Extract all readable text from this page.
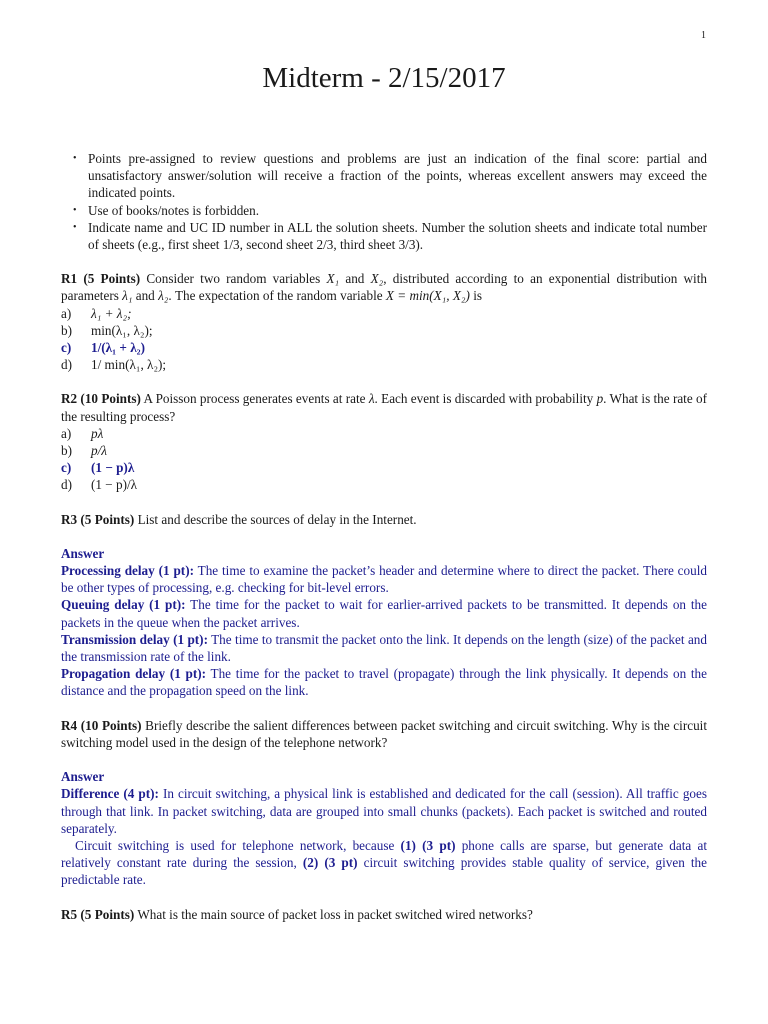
1
Midterm - 2/15/2017
• Points pre-assigned to review questions and problems are just an indication of the final score: partial and unsatisfactory answer/solution will receive a fraction of the points, whereas excellent answers may exceed the indicated points.
• Use of books/notes is forbidden.
• Indicate name and UC ID number in ALL the solution sheets. Number the solution sheets and indicate total number of sheets (e.g., first sheet 1/3, second sheet 2/3, third sheet 3/3).
R1 (5 Points) Consider two random variables X₁ and X₂, distributed according to an exponential distribution with parameters λ₁ and λ₂. The expectation of the random variable X = min(X₁, X₂) is
a)	λ₁ + λ₂;
b)	min(λ₁, λ₂);
c)	1/(λ₁ + λ₂)
d)	1/ min(λ₁, λ₂);
R2 (10 Points) A Poisson process generates events at rate λ. Each event is discarded with probability p. What is the rate of the resulting process?
a)	pλ
b)	p/λ
c)	(1 − p)λ
d)	(1 − p)/λ
R3 (5 Points) List and describe the sources of delay in the Internet.
Answer
Processing delay (1 pt): The time to examine the packet’s header and determine where to direct the packet. There could be other types of processing, e.g. checking for bit-level errors.
Queuing delay (1 pt): The time for the packet to wait for earlier-arrived packets to be transmitted. It depends on the packets in the queue when the packet arrives.
Transmission delay (1 pt): The time to transmit the packet onto the link. It depends on the length (size) of the packet and the transmission rate of the link.
Propagation delay (1 pt): The time for the packet to travel (propagate) through the link physically. It depends on the distance and the propagation speed on the link.
R4 (10 Points) Briefly describe the salient differences between packet switching and circuit switching. Why is the circuit switching model used in the design of the telephone network?
Answer
Difference (4 pt): In circuit switching, a physical link is established and dedicated for the call (session). All traffic goes through that link. In packet switching, data are grouped into small chunks (packets). Each packet is switched and routed separately.
Circuit switching is used for telephone network, because (1) (3 pt) phone calls are sparse, but generate data at relatively constant rate during the session, (2) (3 pt) circuit switching provides stable quality of service, given the predictable rate.
R5 (5 Points) What is the main source of packet loss in packet switched wired networks?
